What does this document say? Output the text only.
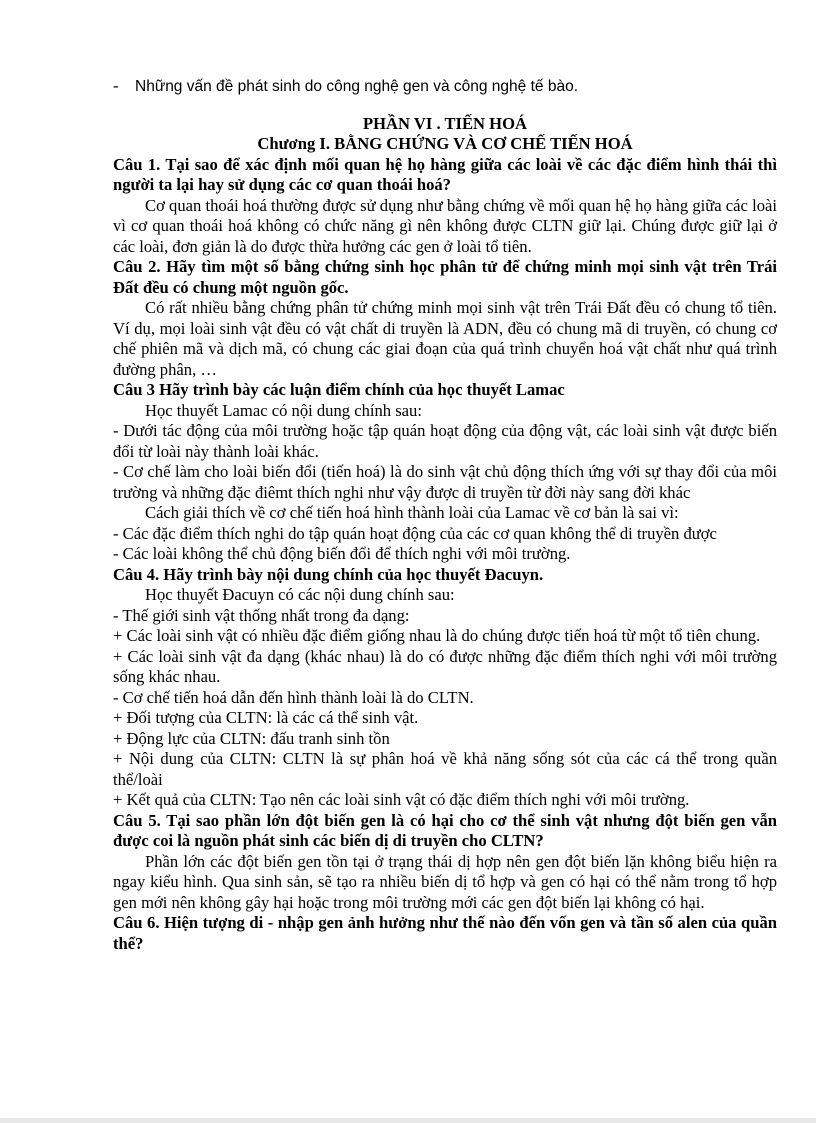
- Những vấn đề phát sinh do công nghệ gen và công nghệ tế bào.
PHẦN VI . TIẾN HOÁ
Chương I. BẰNG CHỨNG VÀ CƠ CHẾ TIẾN HOÁ
Câu 1. Tại sao để xác định mối quan hệ họ hàng giữa các loài về các đặc điểm hình thái thì người ta lại hay sử dụng các cơ quan thoái hoá?
Cơ quan thoái hoá thường được sử dụng như bằng chứng về mối quan hệ họ hàng giữa các loài vì cơ quan thoái hoá không có chức năng gì nên không được CLTN giữ lại. Chúng được giữ lại ở các loài, đơn giản là do được thừa hưởng các gen ở loài tổ tiên.
Câu 2. Hãy tìm một số bằng chứng sinh học phân tử để chứng minh mọi sinh vật trên Trái Đất đều có chung một nguồn gốc.
Có rất nhiều bằng chứng phân tử chứng minh mọi sinh vật trên Trái Đất đều có chung tổ tiên. Ví dụ, mọi loài sinh vật đều có vật chất di truyền là ADN, đều có chung mã di truyền, có chung cơ chế phiên mã và dịch mã, có chung các giai đoạn của quá trình chuyển hoá vật chất như quá trình đường phân, …
Câu 3 Hãy trình bày các luận điểm chính của học thuyết Lamac
Học thuyết Lamac có nội dung chính sau:
- Dưới tác động của môi trường hoặc tập quán hoạt động của động vật, các loài sinh vật được biến đổi từ loài này thành loài khác.
- Cơ chế làm cho loài biến đổi (tiến hoá) là do sinh vật chủ động thích ứng với sự thay đổi của môi trường và những đặc điêmt thích nghi như vậy được di truyền từ đời này sang đời khác
Cách giải thích về cơ chế tiến hoá hình thành loài của Lamac về cơ bản là sai vì:
- Các đặc điểm thích nghi do tập quán hoạt động của các cơ quan không thể di truyền được
- Các loài không thể chủ động biến đổi để thích nghi với môi trường.
Câu 4. Hãy trình bày nội dung chính của học thuyết Đacuyn.
Học thuyết Đacuyn có các nội dung chính sau:
- Thế giới sinh vật thống nhất trong đa dạng:
+ Các loài sinh vật có nhiều đặc điểm giống nhau là do chúng được tiến hoá từ một tổ tiên chung.
+ Các loài sinh vật đa dạng (khác nhau) là do có được những đặc điểm thích nghi với môi trường sống khác nhau.
- Cơ chế tiến hoá dẫn đến hình thành loài là do CLTN.
+ Đối tượng của CLTN: là các cá thể sinh vật.
+ Động lực của CLTN: đấu tranh sinh tồn
+ Nội dung của CLTN: CLTN là sự phân hoá về khả năng sống sót của các cá thể trong quần thể/loài
+ Kết quả của CLTN: Tạo nên các loài sinh vật có đặc điểm thích nghi với môi trường.
Câu 5. Tại sao phần lớn đột biến gen là có hại cho cơ thể sinh vật nhưng đột biến gen vẫn được coi là nguồn phát sinh các biến dị di truyền cho CLTN?
Phần lớn các đột biến gen tồn tại ở trạng thái dị hợp nên gen đột biến lặn không biểu hiện ra ngay kiểu hình. Qua sinh sản, sẽ tạo ra nhiều biến dị tổ hợp và gen có hại có thể nằm trong tổ hợp gen mới nên không gây hại hoặc trong môi trường mới các gen đột biến lại không có hại.
Câu 6. Hiện tượng di - nhập gen ảnh hưởng như thế nào đến vốn gen và tần số alen của quần thể?
